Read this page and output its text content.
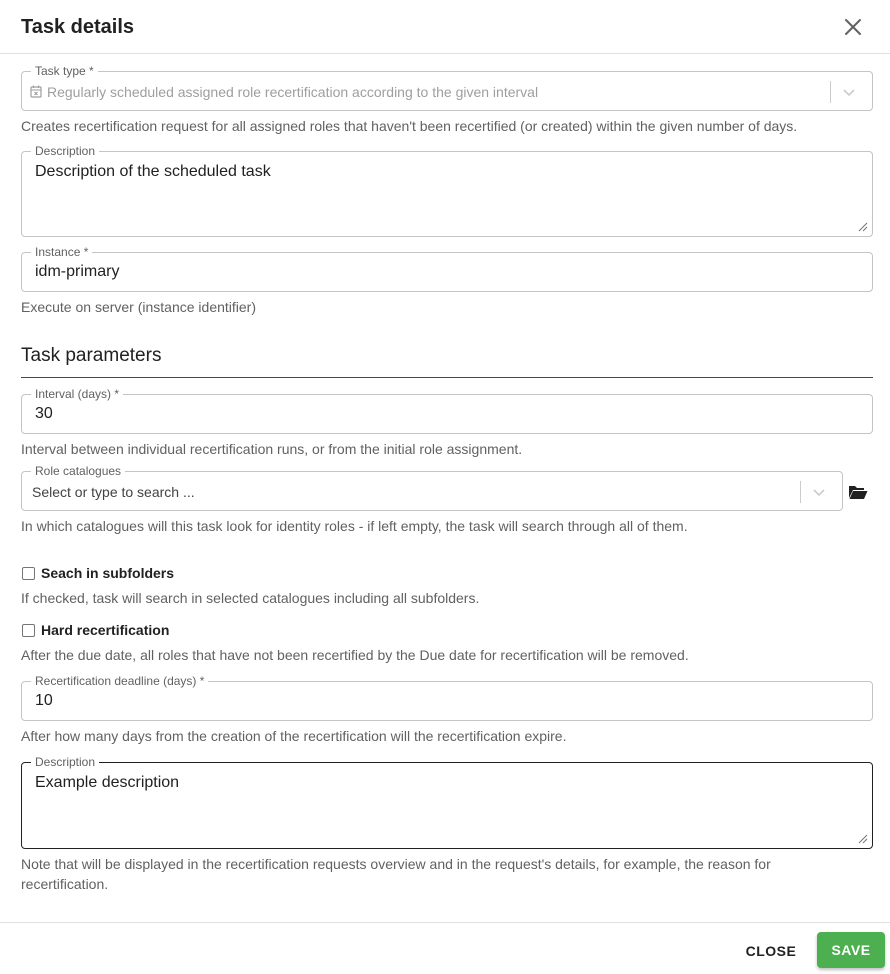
Task details
Task type *
Regularly scheduled assigned role recertification according to the given interval
Creates recertification request for all assigned roles that haven't been recertified (or created) within the given number of days.
Description
Description of the scheduled task
Instance *
idm-primary
Execute on server (instance identifier)
Task parameters
Interval (days) *
30
Interval between individual recertification runs, or from the initial role assignment.
Role catalogues
Select or type to search ...
In which catalogues will this task look for identity roles - if left empty, the task will search through all of them.
Seach in subfolders
If checked, task will search in selected catalogues including all subfolders.
Hard recertification
After the due date, all roles that have not been recertified by the Due date for recertification will be removed.
Recertification deadline (days) *
10
After how many days from the creation of the recertification will the recertification expire.
Description
Example description
Note that will be displayed in the recertification requests overview and in the request's details, for example, the reason for recertification.
CLOSE	SAVE
